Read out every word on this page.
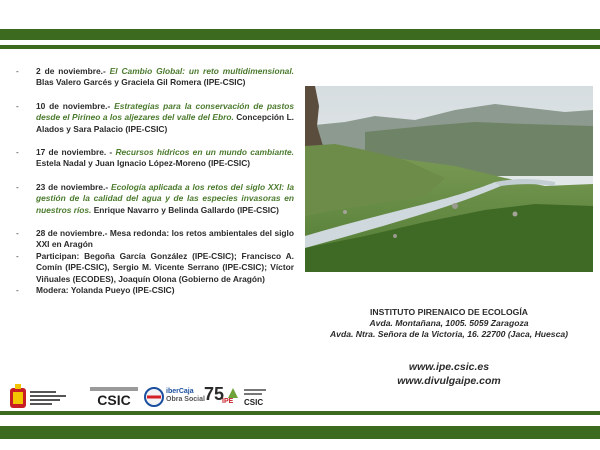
- 2 de noviembre.- El Cambio Global: un reto multidimensional. Blas Valero Garcés y Graciela Gil Romera (IPE-CSIC)
- 10 de noviembre.- Estrategias para la conservación de pastos desde el Pirineo a los aljezares del valle del Ebro. Concepción L. Alados y Sara Palacio (IPE-CSIC)
- 17 de noviembre. - Recursos hídricos en un mundo cambiante. Estela Nadal y Juan Ignacio López-Moreno (IPE-CSIC)
- 23 de noviembre.- Ecología aplicada a los retos del siglo XXI: la gestión de la calidad del agua y de las especies invasoras en nuestros ríos. Enrique Navarro y Belinda Gallardo (IPE-CSIC)
- 28 de noviembre.- Mesa redonda: los retos ambientales del siglo XXI en Aragón
- Participan: Begoña García González (IPE-CSIC); Francisco A. Comín (IPE-CSIC), Sergio M. Vicente Serrano (IPE-CSIC); Víctor Viñuales (ECODES), Joaquín Olona (Gobierno de Aragón)
- Modera: Yolanda Pueyo (IPE-CSIC)
INSTITUTO PIRENAICO DE ECOLOGÍA
Avda. Montañana, 1005. 5059 Zaragoza
Avda. Ntra. Señora de la Victoria, 16. 22700 (Jaca, Huesca)
www.ipe.csic.es
www.divulgaipe.com
CSIC
iberCaja
Obra Social 75
IPE CSIC
